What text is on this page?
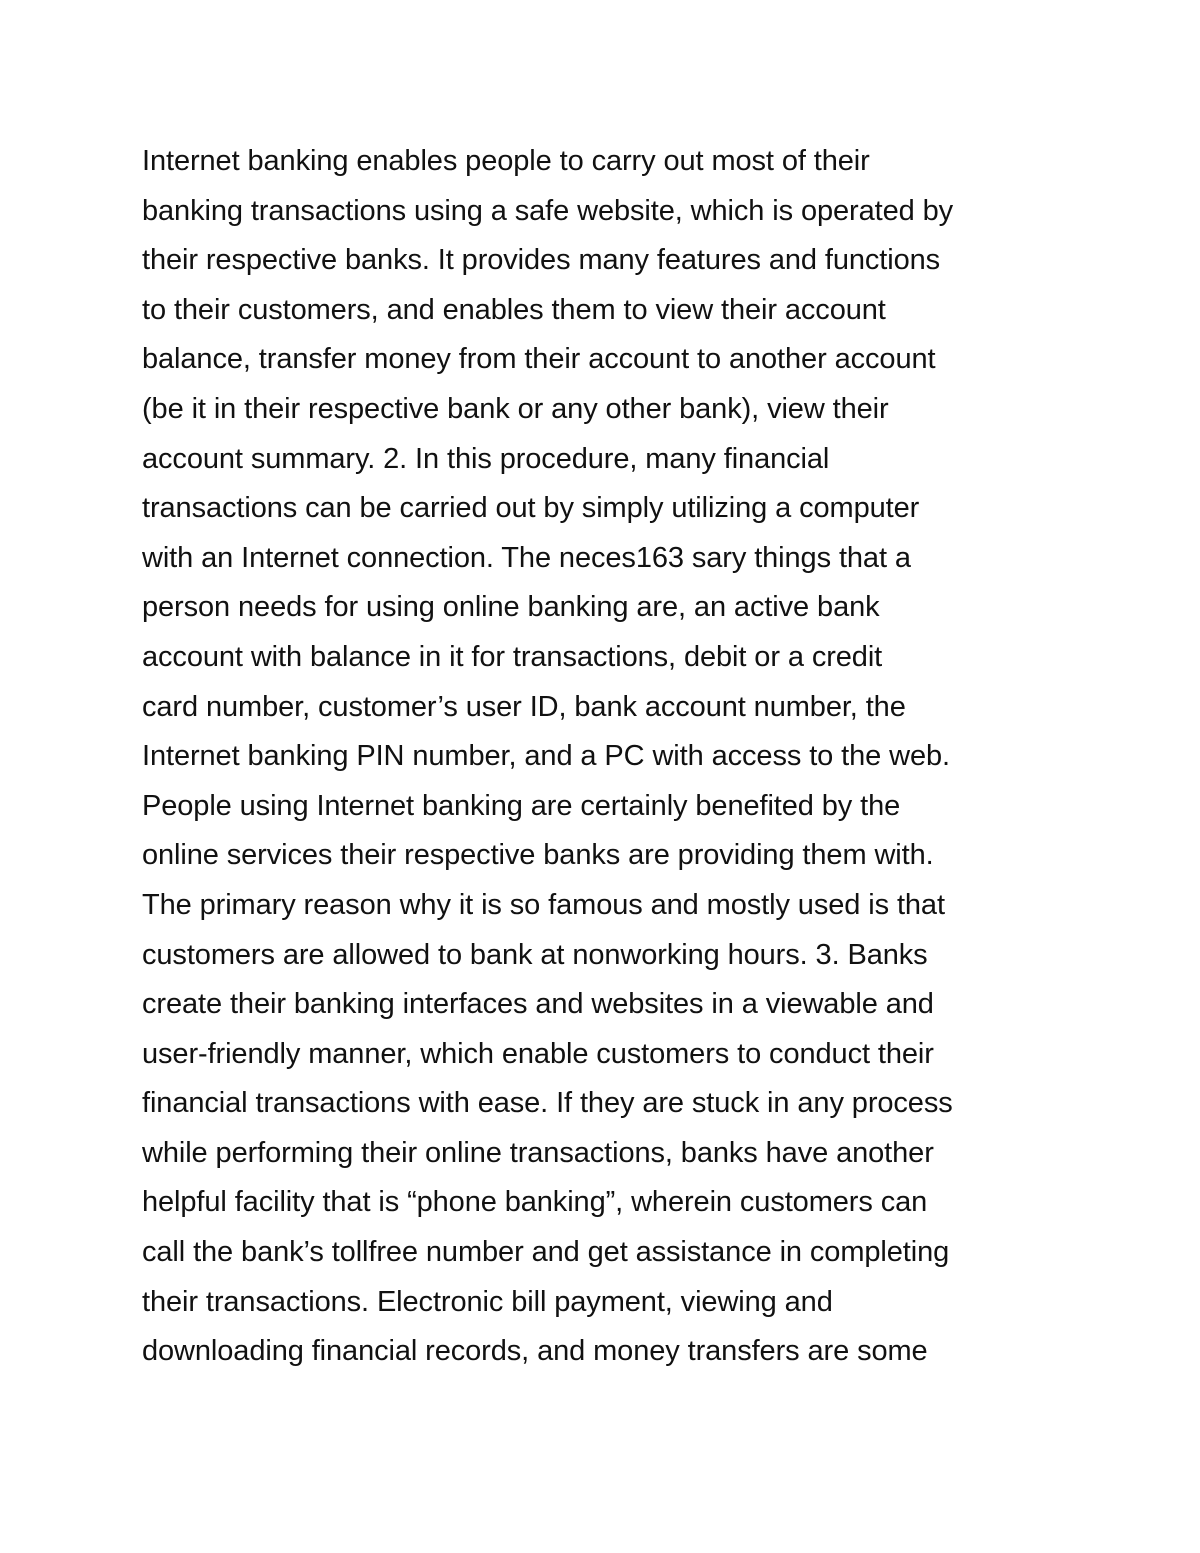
Internet banking enables people to carry out most of their
banking transactions using a safe website, which is operated by
their respective banks. It provides many features and functions
to their customers, and enables them to view their account
balance, transfer money from their account to another account
(be it in their respective bank or any other bank), view their
account summary. 2. In this procedure, many financial
transactions can be carried out by simply utilizing a computer
with an Internet connection. The neces163 sary things that a
person needs for using online banking are, an active bank
account with balance in it for transactions, debit or a credit
card number, customer’s user ID, bank account number, the
Internet banking PIN number, and a PC with access to the web.
People using Internet banking are certainly benefited by the
online services their respective banks are providing them with.
The primary reason why it is so famous and mostly used is that
customers are allowed to bank at nonworking hours. 3. Banks
create their banking interfaces and websites in a viewable and
user-friendly manner, which enable customers to conduct their
financial transactions with ease. If they are stuck in any process
while performing their online transactions, banks have another
helpful facility that is “phone banking”, wherein customers can
call the bank’s tollfree number and get assistance in completing
their transactions. Electronic bill payment, viewing and
downloading financial records, and money transfers are some
